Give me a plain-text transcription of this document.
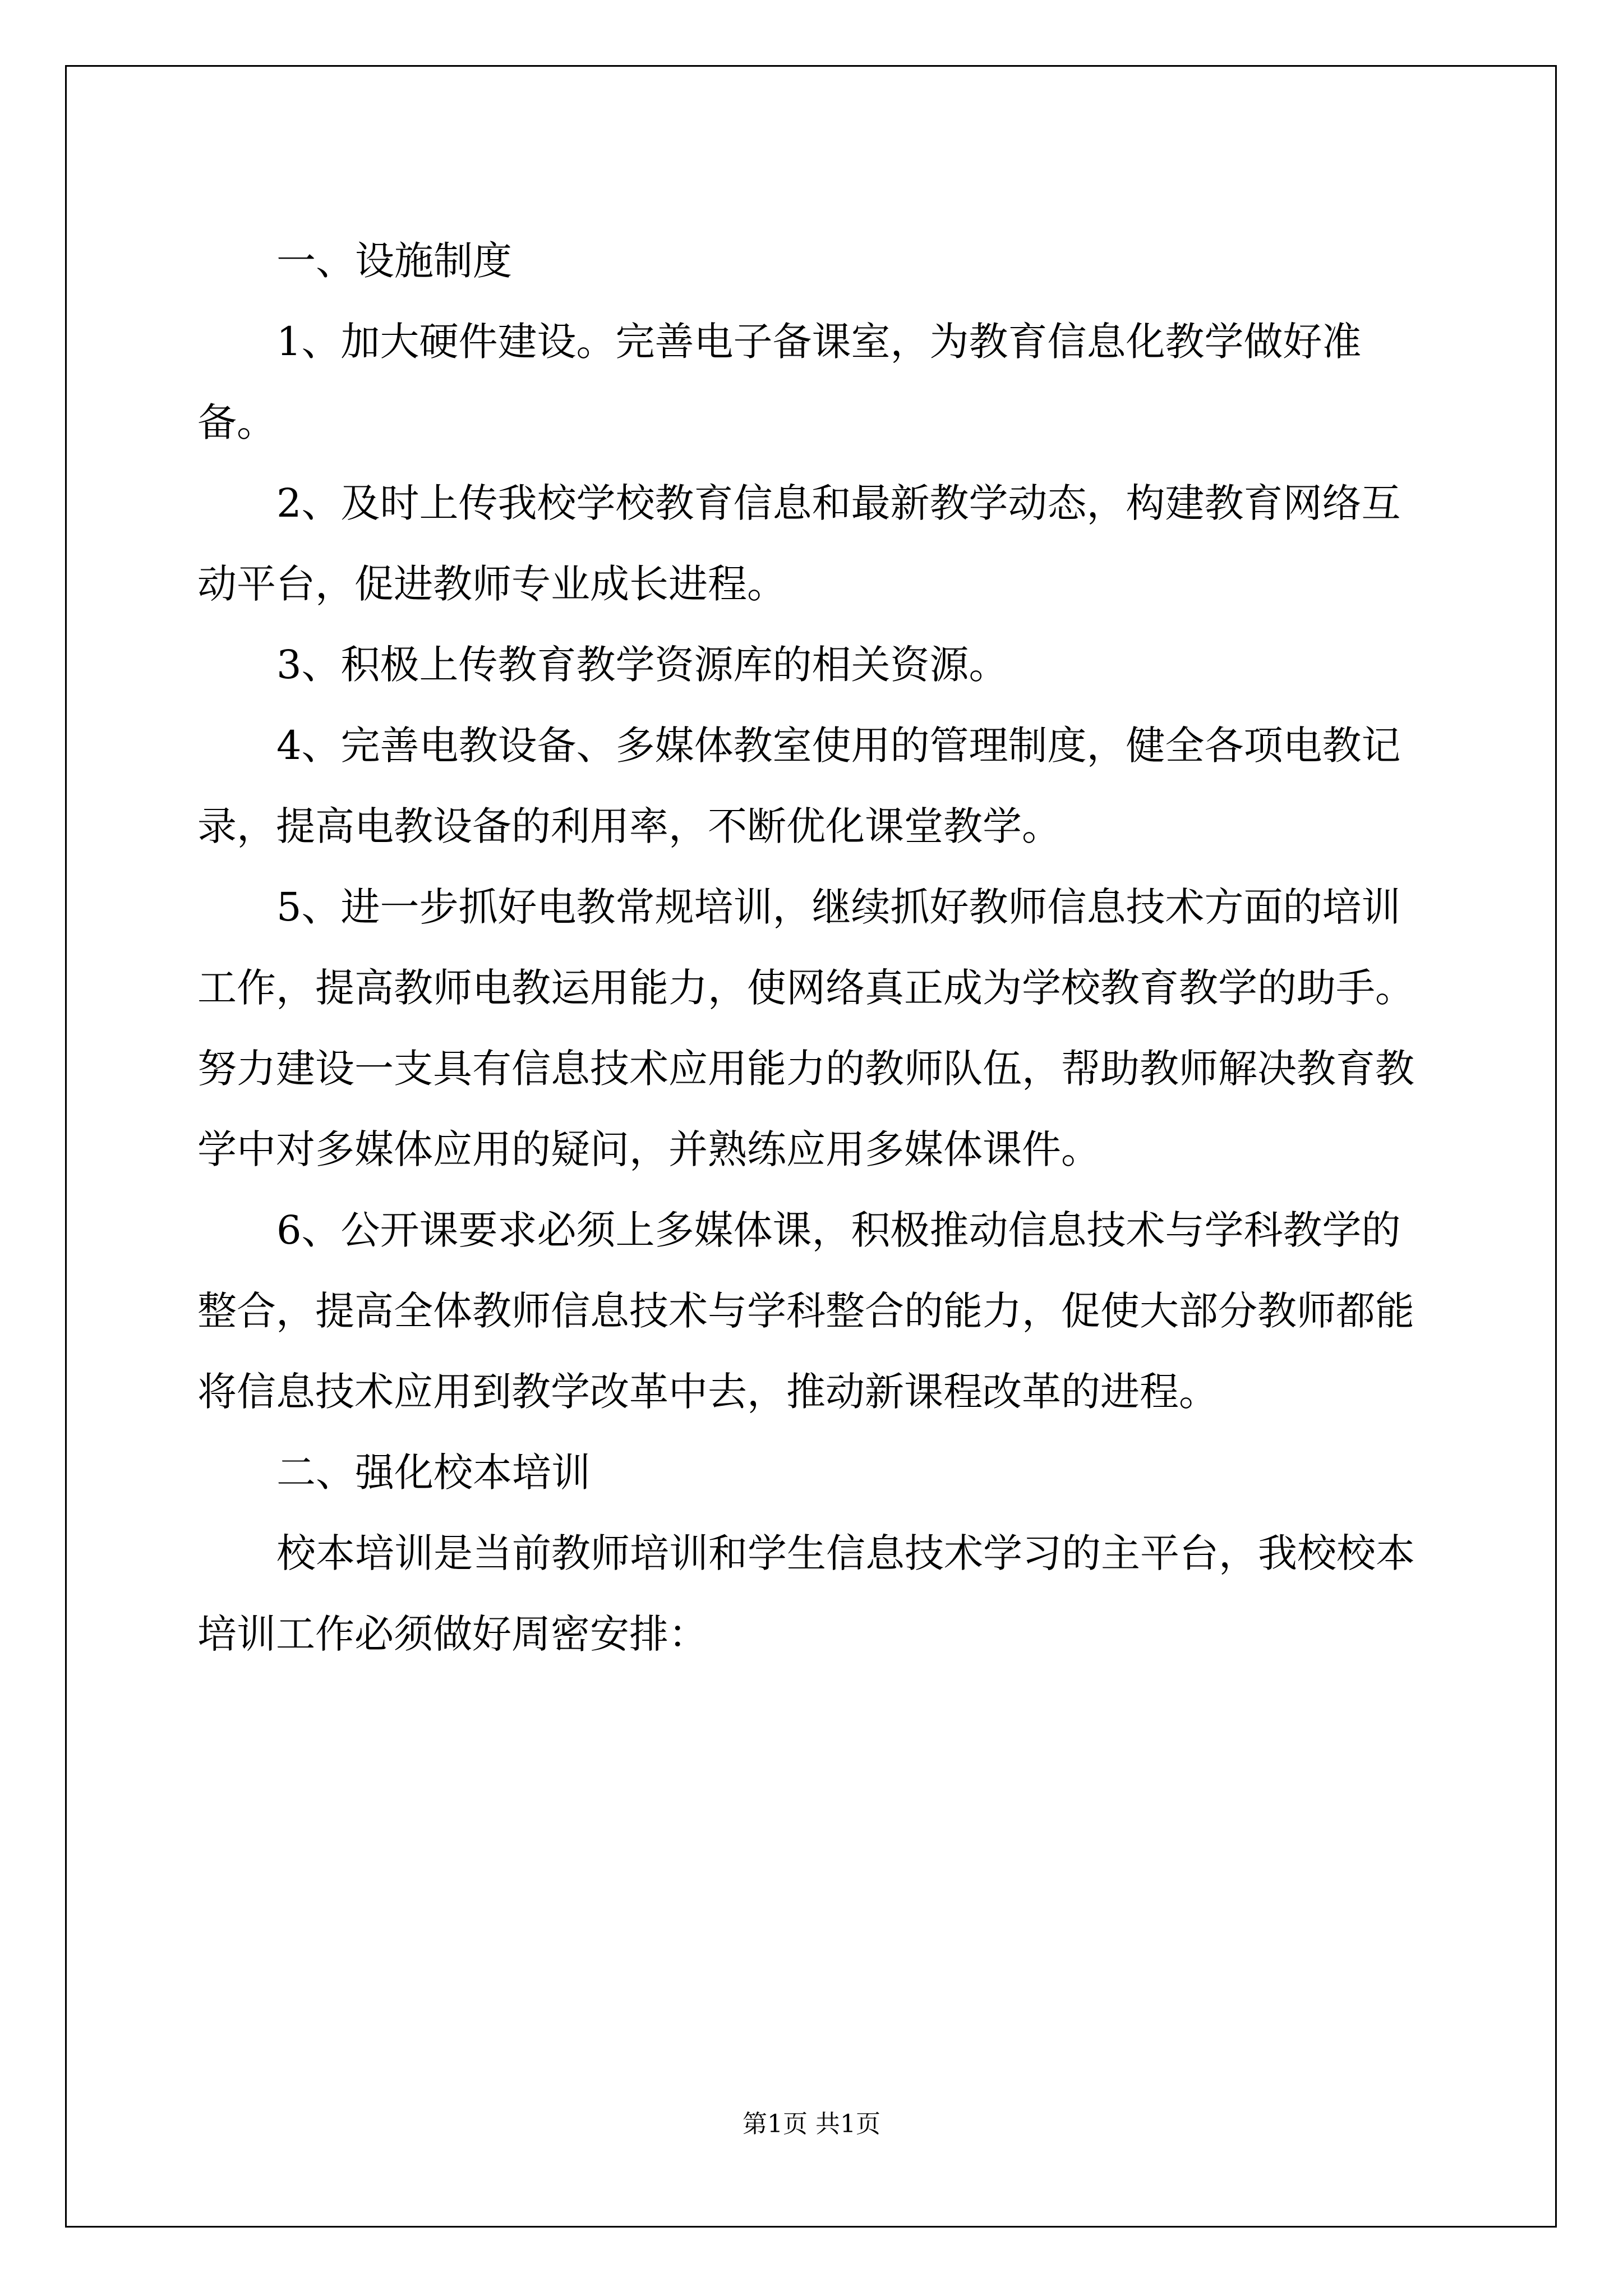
一、设施制度

1、加大硬件建设。完善电子备课室，为教育信息化教学做好准备。

2、及时上传我校学校教育信息和最新教学动态，构建教育网络互动平台，促进教师专业成长进程。

3、积极上传教育教学资源库的相关资源。

4、完善电教设备、多媒体教室使用的管理制度，健全各项电教记录，提高电教设备的利用率，不断优化课堂教学。

5、进一步抓好电教常规培训，继续抓好教师信息技术方面的培训工作，提高教师电教运用能力，使网络真正成为学校教育教学的助手。努力建设一支具有信息技术应用能力的教师队伍，帮助教师解决教育教学中对多媒体应用的疑问，并熟练应用多媒体课件。

6、公开课要求必须上多媒体课，积极推动信息技术与学科教学的整合，提高全体教师信息技术与学科整合的能力，促使大部分教师都能将信息技术应用到教学改革中去，推动新课程改革的进程。

二、强化校本培训

校本培训是当前教师培训和学生信息技术学习的主平台，我校校本培训工作必须做好周密安排：

第1页 共1页
